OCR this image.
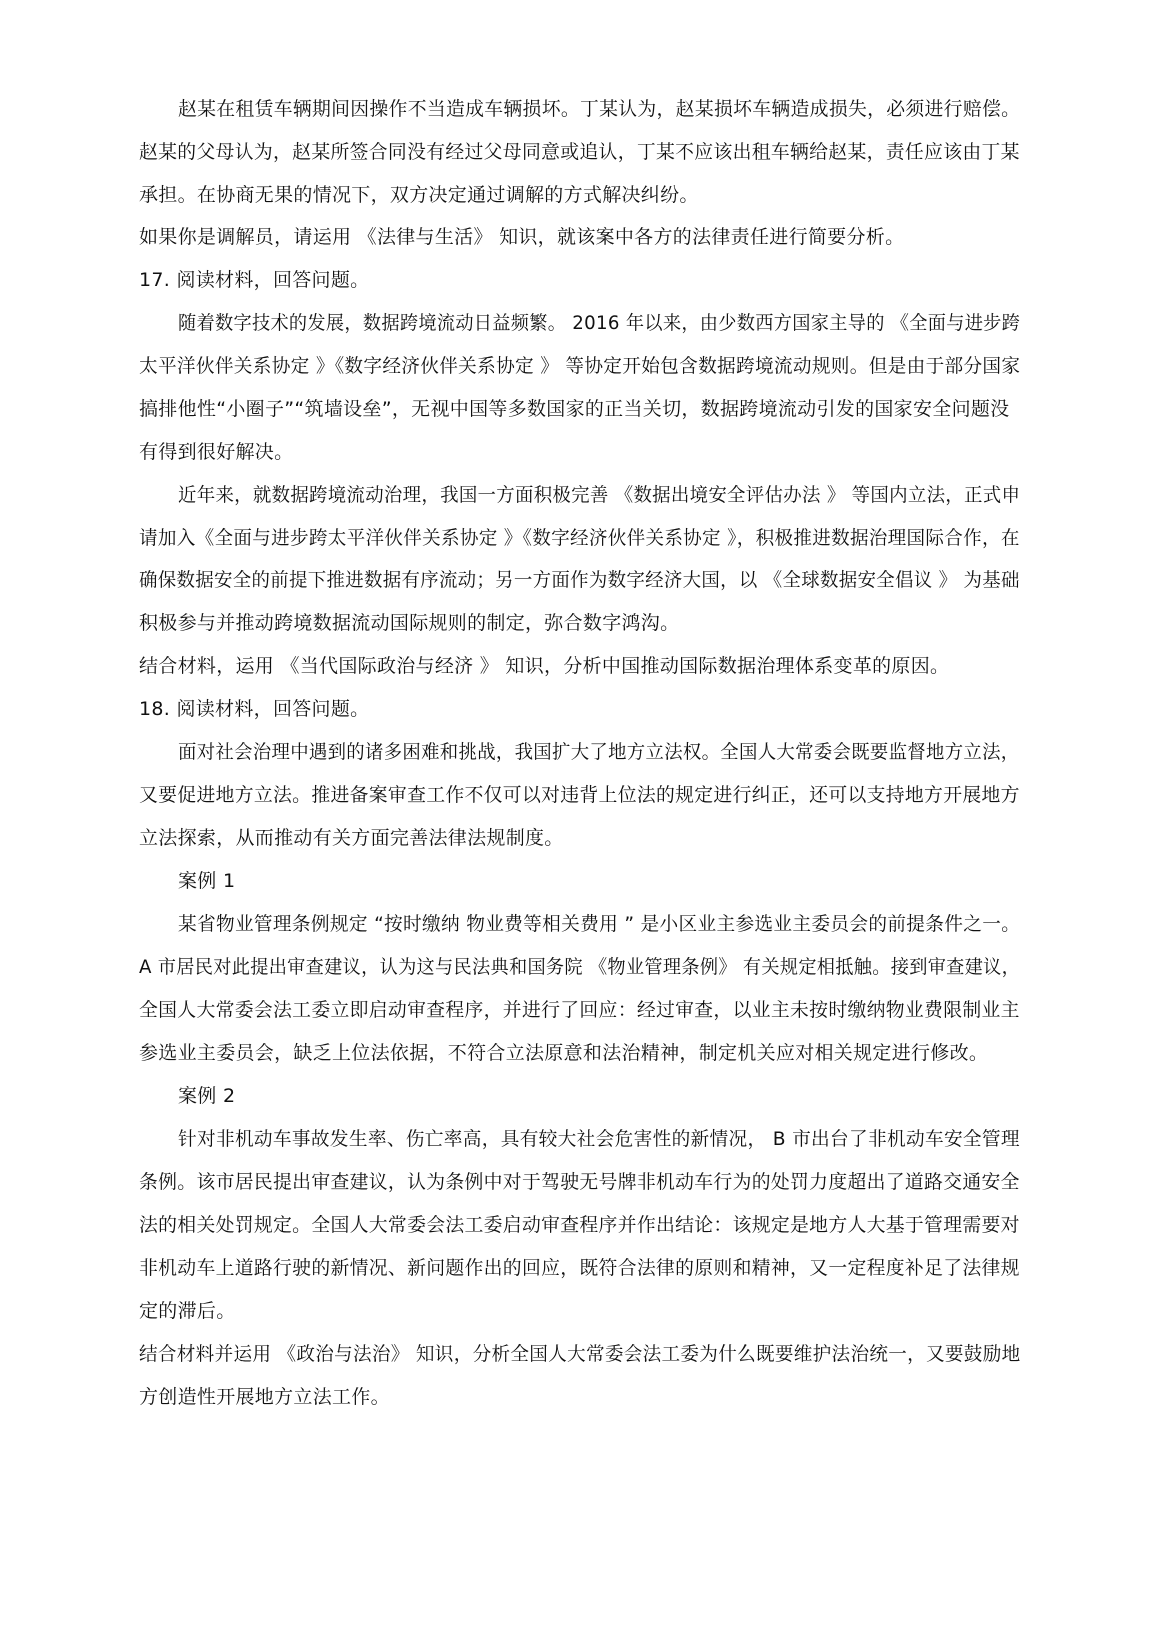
赵某在租赁车辆期间因操作不当造成车辆损坏。丁某认为，赵某损坏车辆造成损失，必须进行赔偿。
赵某的父母认为，赵某所签合同没有经过父母同意或追认，丁某不应该出租车辆给赵某，责任应该由丁某
承担。在协商无果的情况下，双方决定通过调解的方式解决纠纷。
如果你是调解员，请运用 《法律与生活》 知识，就该案中各方的法律责任进行简要分析。
17. 阅读材料，回答问题。
随着数字技术的发展，数据跨境流动日益频繁。 2016 年以来，由少数西方国家主导的 《全面与进步跨
太平洋伙伴关系协定 》《数字经济伙伴关系协定 》 等协定开始包含数据跨境流动规则。但是由于部分国家
搞排他性“小圈子”“筑墙设垒”，无视中国等多数国家的正当关切，数据跨境流动引发的国家安全问题没
有得到很好解决。
近年来，就数据跨境流动治理，我国一方面积极完善 《数据出境安全评估办法 》 等国内立法，正式申
请加入《全面与进步跨太平洋伙伴关系协定 》《数字经济伙伴关系协定 》，积极推进数据治理国际合作，在
确保数据安全的前提下推进数据有序流动；另一方面作为数字经济大国，以 《全球数据安全倡议 》 为基础
积极参与并推动跨境数据流动国际规则的制定，弥合数字鸿沟。
结合材料，运用 《当代国际政治与经济 》 知识，分析中国推动国际数据治理体系变革的原因。
18. 阅读材料，回答问题。
面对社会治理中遇到的诸多困难和挑战，我国扩大了地方立法权。全国人大常委会既要监督地方立法，
又要促进地方立法。推进备案审查工作不仅可以对违背上位法的规定进行纠正，还可以支持地方开展地方
立法探索，从而推动有关方面完善法律法规制度。
案例 1
某省物业管理条例规定 “按时缴纳 物业费等相关费用 ” 是小区业主参选业主委员会的前提条件之一。
A 市居民对此提出审查建议，认为这与民法典和国务院 《物业管理条例》 有关规定相抵触。接到审查建议，
全国人大常委会法工委立即启动审查程序，并进行了回应：经过审查，以业主未按时缴纳物业费限制业主
参选业主委员会，缺乏上位法依据，不符合立法原意和法治精神，制定机关应对相关规定进行修改。
案例 2
针对非机动车事故发生率、伤亡率高，具有较大社会危害性的新情况， B 市出台了非机动车安全管理
条例。该市居民提出审查建议，认为条例中对于驾驶无号牌非机动车行为的处罚力度超出了道路交通安全
法的相关处罚规定。全国人大常委会法工委启动审查程序并作出结论：该规定是地方人大基于管理需要对
非机动车上道路行驶的新情况、新问题作出的回应，既符合法律的原则和精神，又一定程度补足了法律规
定的滞后。
结合材料并运用 《政治与法治》 知识，分析全国人大常委会法工委为什么既要维护法治统一，又要鼓励地
方创造性开展地方立法工作。
